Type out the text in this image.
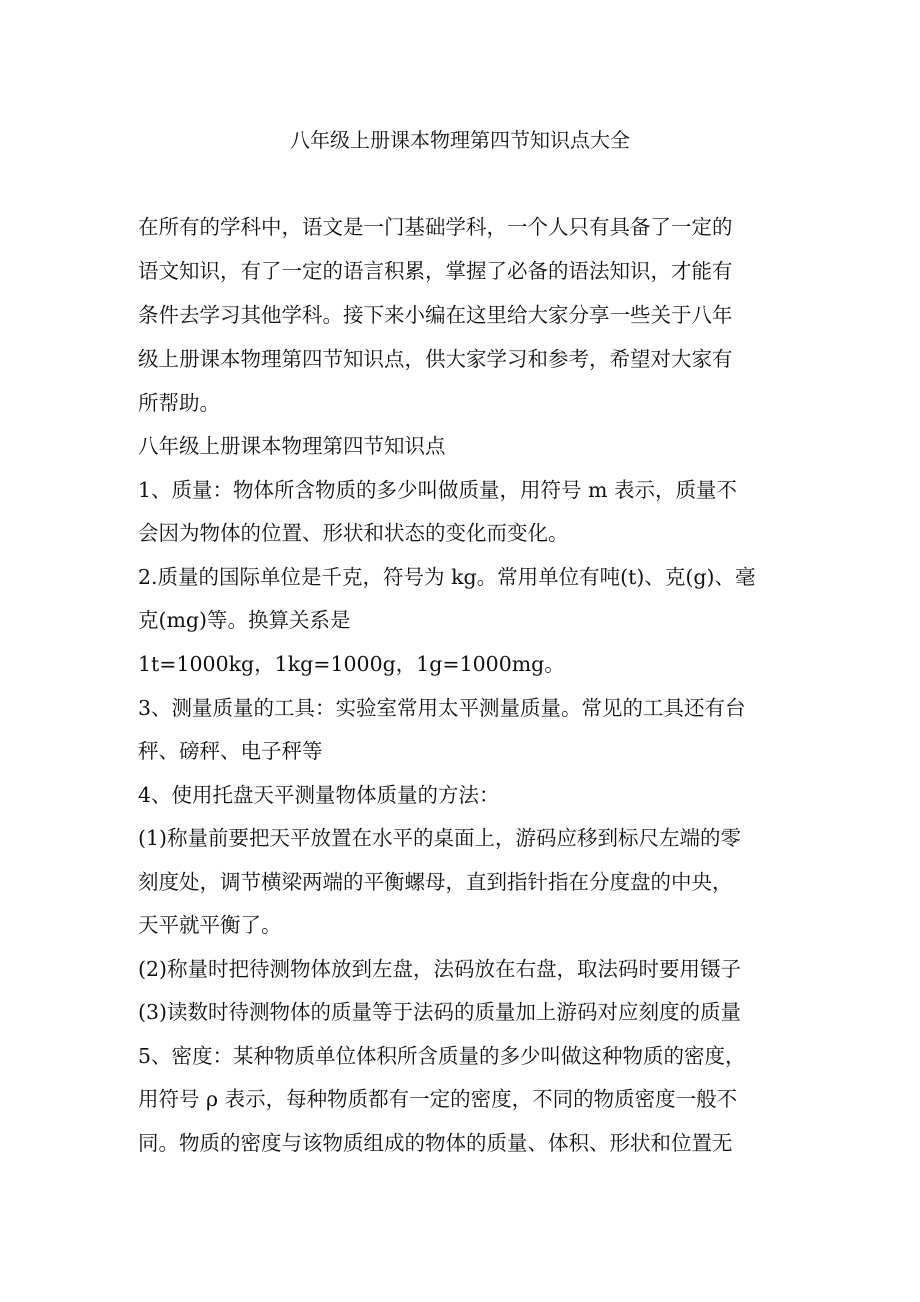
八年级上册课本物理第四节知识点大全
在所有的学科中，语文是一门基础学科，一个人只有具备了一定的
语文知识，有了一定的语言积累，掌握了必备的语法知识，才能有
条件去学习其他学科。接下来小编在这里给大家分享一些关于八年
级上册课本物理第四节知识点，供大家学习和参考，希望对大家有
所帮助。
八年级上册课本物理第四节知识点
1、质量：物体所含物质的多少叫做质量，用符号 m 表示，质量不
会因为物体的位置、形状和状态的变化而变化。
2.质量的国际单位是千克，符号为 kg。常用单位有吨(t)、克(g)、毫
克(mg)等。换算关系是
1t=1000kg，1kg=1000g，1g=1000mg。
3、测量质量的工具：实验室常用太平测量质量。常见的工具还有台
秤、磅秤、电子秤等
4、使用托盘天平测量物体质量的方法：
(1)称量前要把天平放置在水平的桌面上，游码应移到标尺左端的零
刻度处，调节横梁两端的平衡螺母，直到指针指在分度盘的中央，
天平就平衡了。
(2)称量时把待测物体放到左盘，法码放在右盘，取法码时要用镊子
(3)读数时待测物体的质量等于法码的质量加上游码对应刻度的质量
5、密度：某种物质单位体积所含质量的多少叫做这种物质的密度，
用符号 ρ 表示，每种物质都有一定的密度，不同的物质密度一般不
同。物质的密度与该物质组成的物体的质量、体积、形状和位置无
